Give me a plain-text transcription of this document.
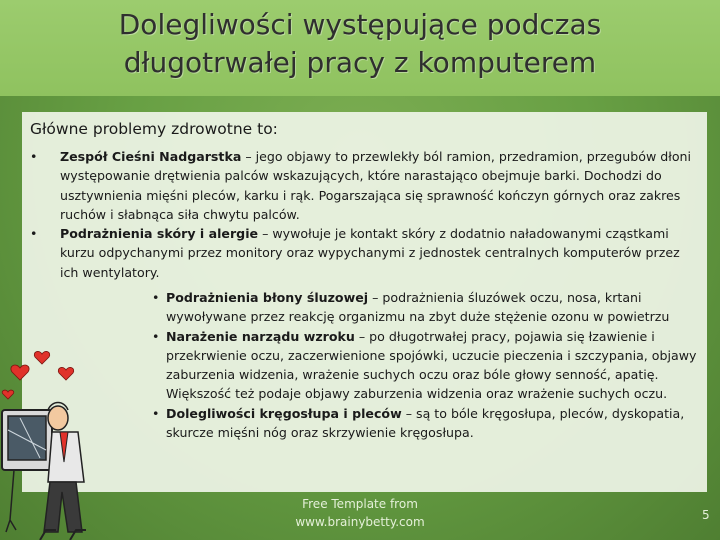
Dolegliwości występujące podczas długotrwałej pracy z komputerem

Główne problemy zdrowotne to:

• Zespół Cieśni Nadgarstka – jego objawy to przewlekły ból ramion, przedramion, przegubów dłoni występowanie drętwienia palców wskazujących, które narastająco obejmuje barki. Dochodzi do usztywnienia mięśni pleców, karku i rąk. Pogarszająca się sprawność kończyn górnych oraz zakres ruchów i słabnąca siła chwytu palców.
• Podrażnienia skóry i alergie – wywołuje je kontakt skóry z dodatnio naładowanymi cząstkami kurzu odpychanymi przez monitory oraz wypychanymi z jednostek centralnych komputerów przez ich wentylatory.
• Podrażnienia błony śluzowej – podrażnienia śluzówek oczu, nosa, krtani wywoływane przez reakcję organizmu na zbyt duże stężenie ozonu w powietrzu
• Narażenie narządu wzroku – po długotrwałej pracy, pojawia się łzawienie i przekrwienie oczu, zaczerwienione spojówki, uczucie pieczenia i szczypania, objawy zaburzenia widzenia, wrażenie suchych oczu oraz bóle głowy senność, apatię. Większość też podaje objawy zaburzenia widzenia oraz wrażenie suchych oczu.
• Dolegliwości kręgosłupa i pleców – są to bóle kręgosłupa, pleców, dyskopatia, skurcze mięśni nóg oraz skrzywienie kręgosłupa.
Free Template from
www.brainybetty.com	5
